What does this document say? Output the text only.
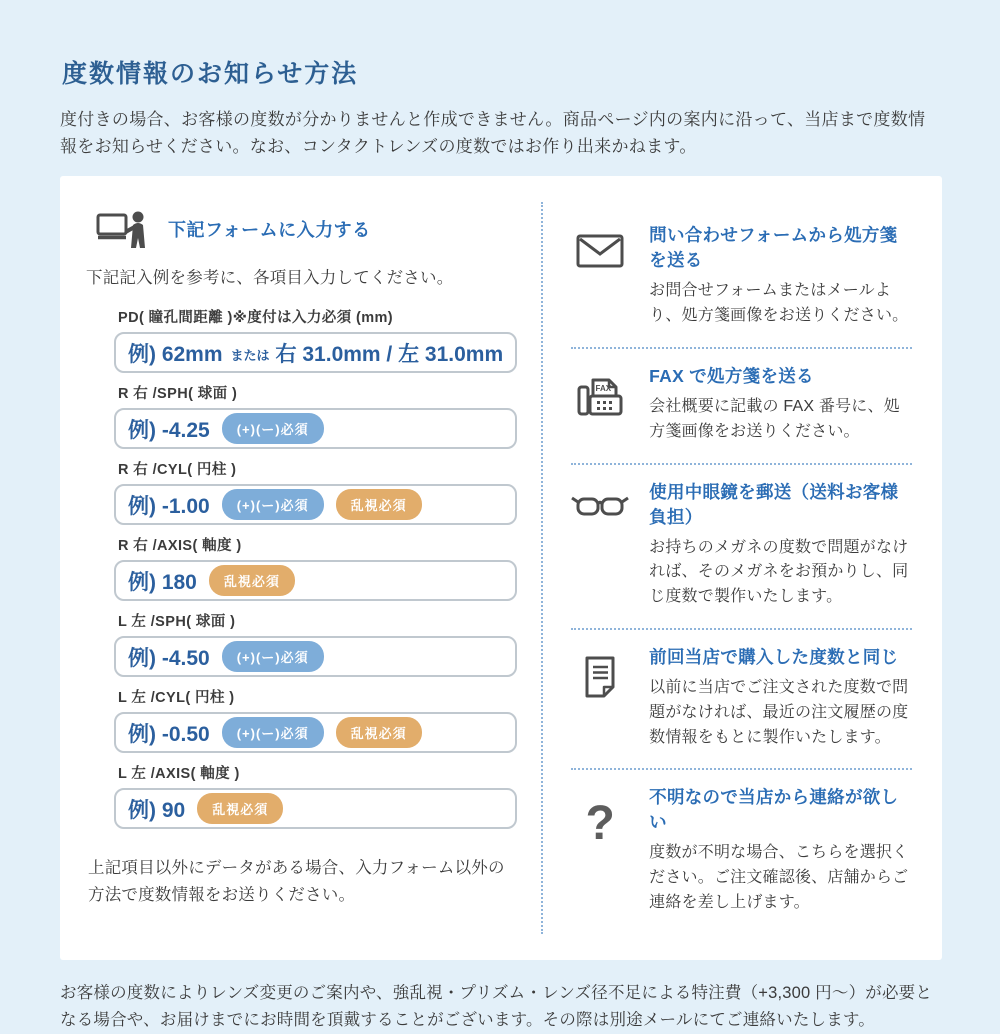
度数情報のお知らせ方法

度付きの場合、お客様の度数が分かりませんと作成できません。商品ページ内の案内に沿って、当店まで度数情報をお知らせください。なお、コンタクトレンズの度数ではお作り出来かねます。

下記フォームに入力する

下記記入例を参考に、各項目入力してください。

PD( 瞳孔間距離 )※度付は入力必須 (mm)
例) 62mm または 右 31.0mm / 左 31.0mm
R 右 /SPH( 球面 )
例) -4.25	(+)(ー)必須
R 右 /CYL( 円柱 )
例) -1.00	(+)(ー)必須	乱視必須
R 右 /AXIS( 軸度 )
例) 180	乱視必須
L 左 /SPH( 球面 )
例) -4.50	(+)(ー)必須
L 左 /CYL( 円柱 )
例) -0.50	(+)(ー)必須	乱視必須
L 左 /AXIS( 軸度 )
例) 90	乱視必須

上記項目以外にデータがある場合、入力フォーム以外の方法で度数情報をお送りください。

問い合わせフォームから処方箋を送る
お問合せフォームまたはメールより、処方箋画像をお送りください。
FAX
FAX で処方箋を送る
会社概要に記載の FAX 番号に、処方箋画像をお送りください。
使用中眼鏡を郵送（送料お客様負担）
お持ちのメガネの度数で問題がなければ、そのメガネをお預かりし、同じ度数で製作いたします。
前回当店で購入した度数と同じ
以前に当店でご注文された度数で問題がなければ、最近の注文履歴の度数情報をもとに製作いたします。
? 不明なので当店から連絡が欲しい
度数が不明な場合、こちらを選択ください。ご注文確認後、店舗からご連絡を差し上げます。

お客様の度数によりレンズ変更のご案内や、強乱視・プリズム・レンズ径不足による特注費（+3,300 円〜）が必要となる場合や、お届けまでにお時間を頂戴することがございます。その際は別途メールにてご連絡いたします。
